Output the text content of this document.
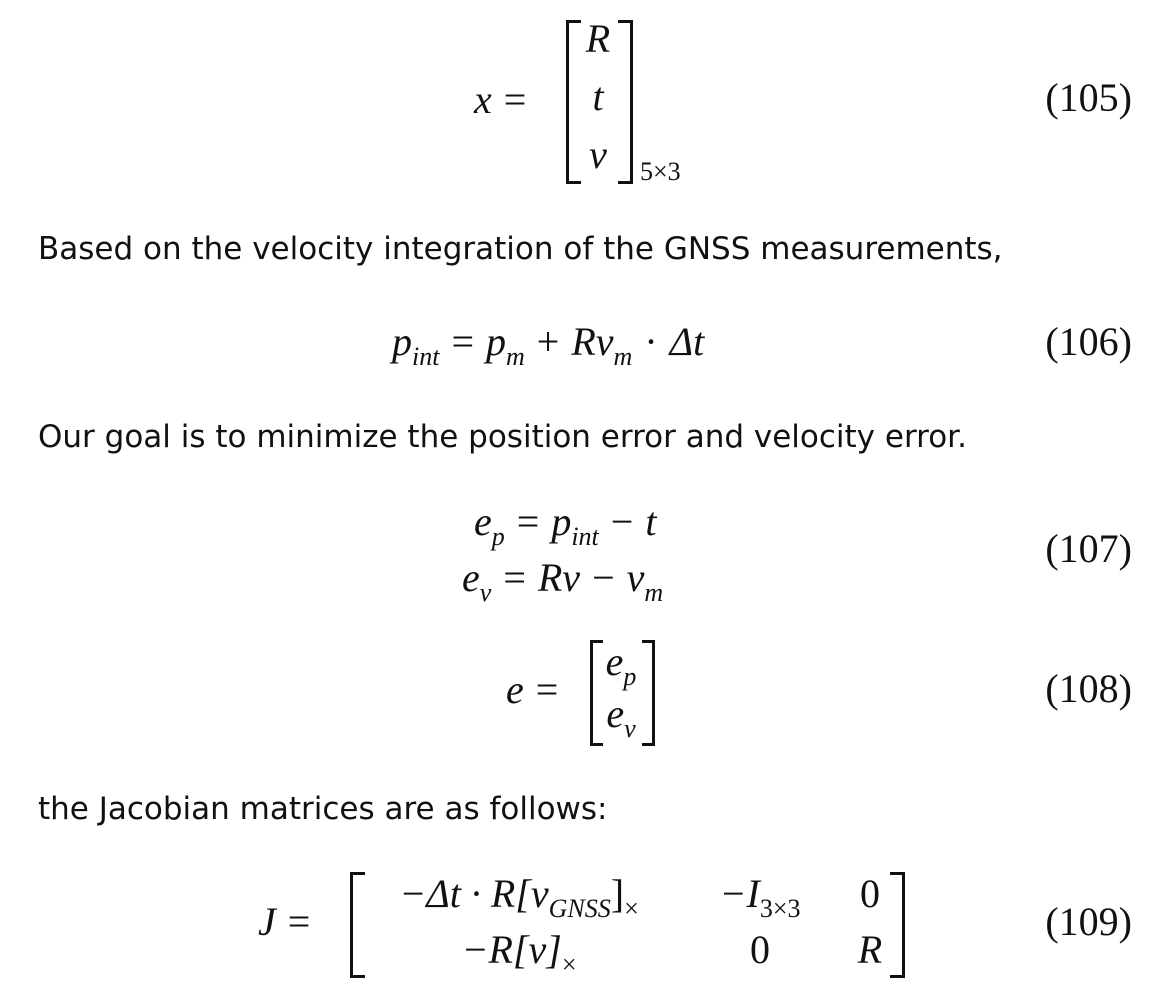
x =
R
t
v	5×3
(105)

Based on the velocity integration of the GNSS measurements,

$p_{int} = p_m + Rv_m \cdot \Delta t$	(106)

Our goal is to minimize the position error and velocity error.

$e_p = p_{int} - t$
$e_v = Rv - v_m$
(107)
e =
$e_p$
$e_v$
(108)

the Jacobian matrices are as follows:

J =
$-\Delta t \cdot R[v_{GNSS}]_\times$	$-I_{3\times 3}$	0
$-R[v]_\times$	0	R
(109)
